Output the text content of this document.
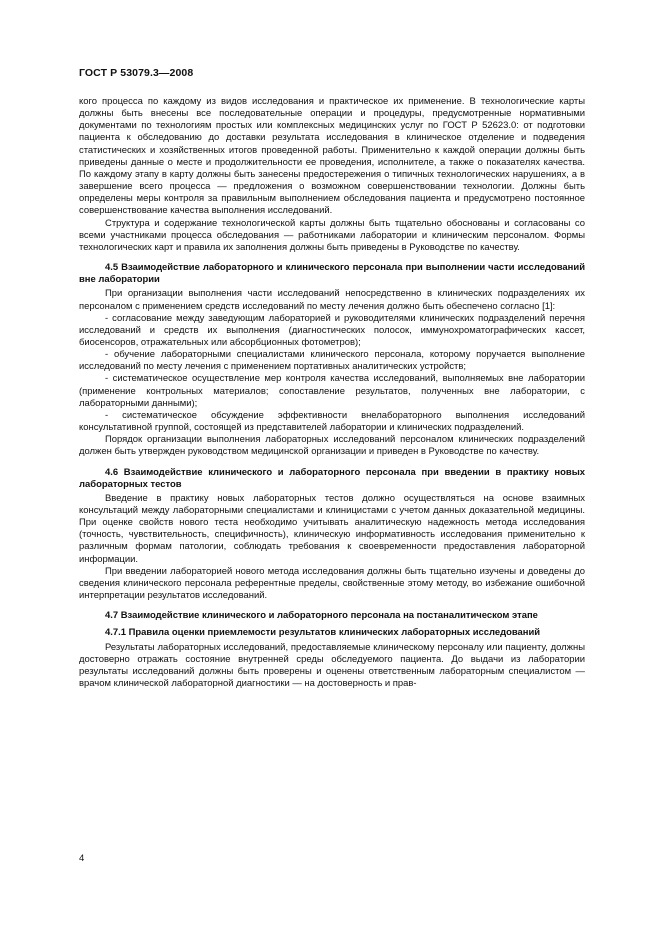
ГОСТ Р 53079.3—2008

кого процесса по каждому из видов исследования и практическое их применение. В технологические карты должны быть внесены все последовательные операции и процедуры, предусмотренные нормативными документами по технологиям простых или комплексных медицинских услуг по ГОСТ Р 52623.0: от подготовки пациента к обследованию до доставки результата исследования в клиническое отделение и подведения статистических и хозяйственных итогов проведенной работы. Применительно к каждой операции должны быть приведены данные о месте и продолжительности ее проведения, исполнителе, а также о показателях качества. По каждому этапу в карту должны быть занесены предостережения о типичных технологических нарушениях, а в завершение всего процесса — предложения о возможном совершенствовании технологии. Должны быть определены меры контроля за правильным выполнением обследования пациента и предусмотрено постоянное совершенствование качества выполнения исследований.

Структура и содержание технологической карты должны быть тщательно обоснованы и согласованы со всеми участниками процесса обследования — работниками лаборатории и клиническим персоналом. Формы технологических карт и правила их заполнения должны быть приведены в Руководстве по качеству.

4.5 Взаимодействие лабораторного и клинического персонала при выполнении части исследований вне лаборатории

При организации выполнения части исследований непосредственно в клинических подразделениях их персоналом с применением средств исследований по месту лечения должно быть обеспечено согласно [1]:

- согласование между заведующим лабораторией и руководителями клинических подразделений перечня исследований и средств их выполнения (диагностических полосок, иммунохроматографических кассет, биосенсоров, отражательных или абсорбционных фотометров);

- обучение лабораторными специалистами клинического персонала, которому поручается выполнение исследований по месту лечения с применением портативных аналитических устройств;

- систематическое осуществление мер контроля качества исследований, выполняемых вне лаборатории (применение контрольных материалов; сопоставление результатов, полученных вне лаборатории, с лабораторными данными);

- систематическое обсуждение эффективности внелабораторного выполнения исследований консультативной группой, состоящей из представителей лаборатории и клинических подразделений.

Порядок организации выполнения лабораторных исследований персоналом клинических подразделений должен быть утвержден руководством медицинской организации и приведен в Руководстве по качеству.

4.6 Взаимодействие клинического и лабораторного персонала при введении в практику новых лабораторных тестов

Введение в практику новых лабораторных тестов должно осуществляться на основе взаимных консультаций между лабораторными специалистами и клиницистами с учетом данных доказательной медицины. При оценке свойств нового теста необходимо учитывать аналитическую надежность метода исследования (точность, чувствительность, специфичность), клиническую информативность исследования применительно к различным формам патологии, соблюдать требования к своевременности предоставления лабораторной информации.

При введении лабораторией нового метода исследования должны быть тщательно изучены и доведены до сведения клинического персонала референтные пределы, свойственные этому методу, во избежание ошибочной интерпретации результатов исследований.

4.7 Взаимодействие клинического и лабораторного персонала на постаналитическом этапе
4.7.1 Правила оценки приемлемости результатов клинических лабораторных исследований

Результаты лабораторных исследований, предоставляемые клиническому персоналу или пациенту, должны достоверно отражать состояние внутренней среды обследуемого пациента. До выдачи из лаборатории результаты исследований должны быть проверены и оценены ответственным лабораторным специалистом — врачом клинической лабораторной диагностики — на достоверность и прав-

4
